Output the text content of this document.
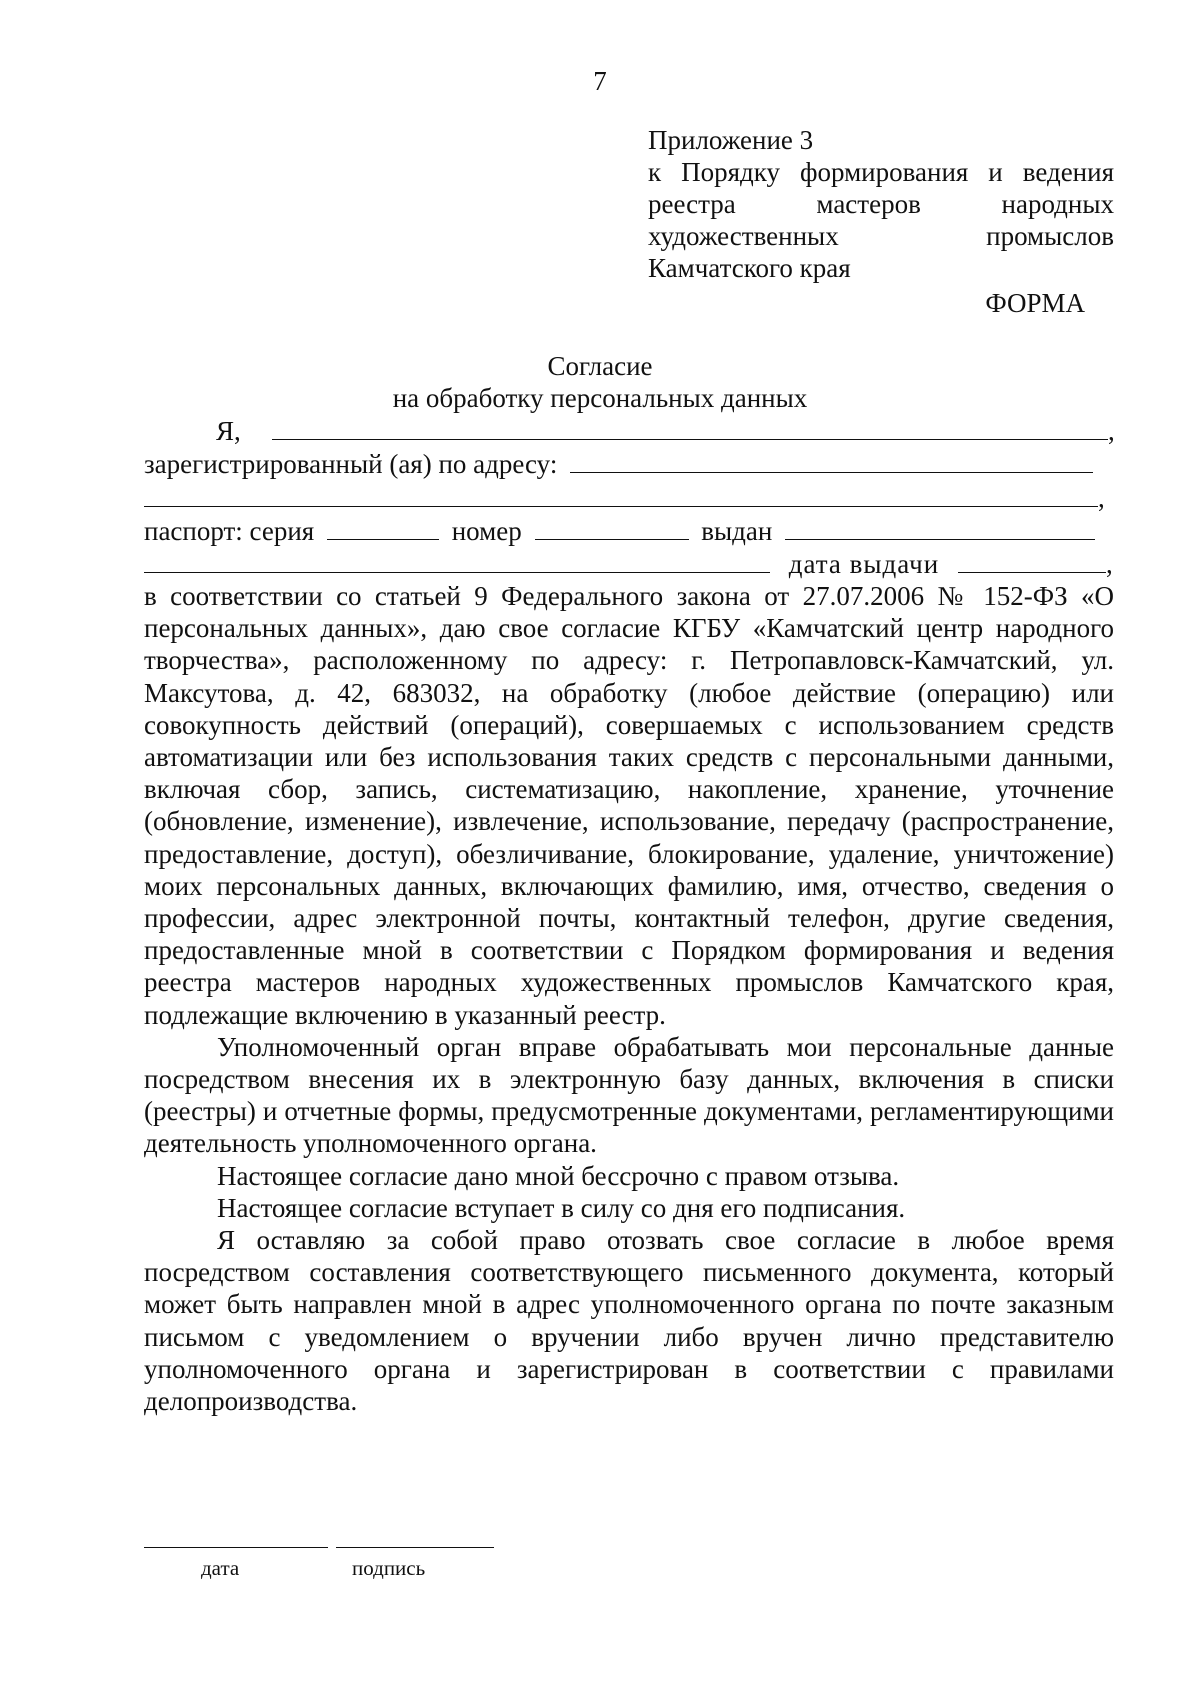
7
Приложение 3
к Порядку формирования и ведения
реестра мастеров народных
художественных промыслов
Камчатского края
ФОРМА
Согласие
на обработку персональных данных
Я,	,
зарегистрированный (ая) по адресу:
,
паспорт: серия	номер	выдан
дата выдачи	,

в соответствии со статьей 9 Федерального закона от 27.07.2006 № 152-ФЗ «О персональных данных», даю свое согласие КГБУ «Камчатский центр народного творчества», расположенному по адресу: г. Петропавловск-Камчатский, ул. Максутова, д. 42, 683032, на обработку (любое действие (операцию) или совокупность действий (операций), совершаемых с использованием средств автоматизации или без использования таких средств с персональными данными, включая сбор, запись, систематизацию, накопление, хранение, уточнение (обновление, изменение), извлечение, использование, передачу (распространение, предоставление, доступ), обезличивание, блокирование, удаление, уничтожение) моих персональных данных, включающих фамилию, имя, отчество, сведения о профессии, адрес электронной почты, контактный телефон, другие сведения, предоставленные мной в соответствии с Порядком формирования и ведения реестра мастеров народных художественных промыслов Камчатского края, подлежащие включению в указанный реестр.

Уполномоченный орган вправе обрабатывать мои персональные данные посредством внесения их в электронную базу данных, включения в списки (реестры) и отчетные формы, предусмотренные документами, регламентирующими деятельность уполномоченного органа.

Настоящее согласие дано мной бессрочно с правом отзыва.

Настоящее согласие вступает в силу со дня его подписания.

Я оставляю за собой право отозвать свое согласие в любое время посредством составления соответствующего письменного документа, который может быть направлен мной в адрес уполномоченного органа по почте заказным письмом с уведомлением о вручении либо вручен лично представителю уполномоченного органа и зарегистрирован в соответствии с правилами делопроизводства.

дата	подпись
